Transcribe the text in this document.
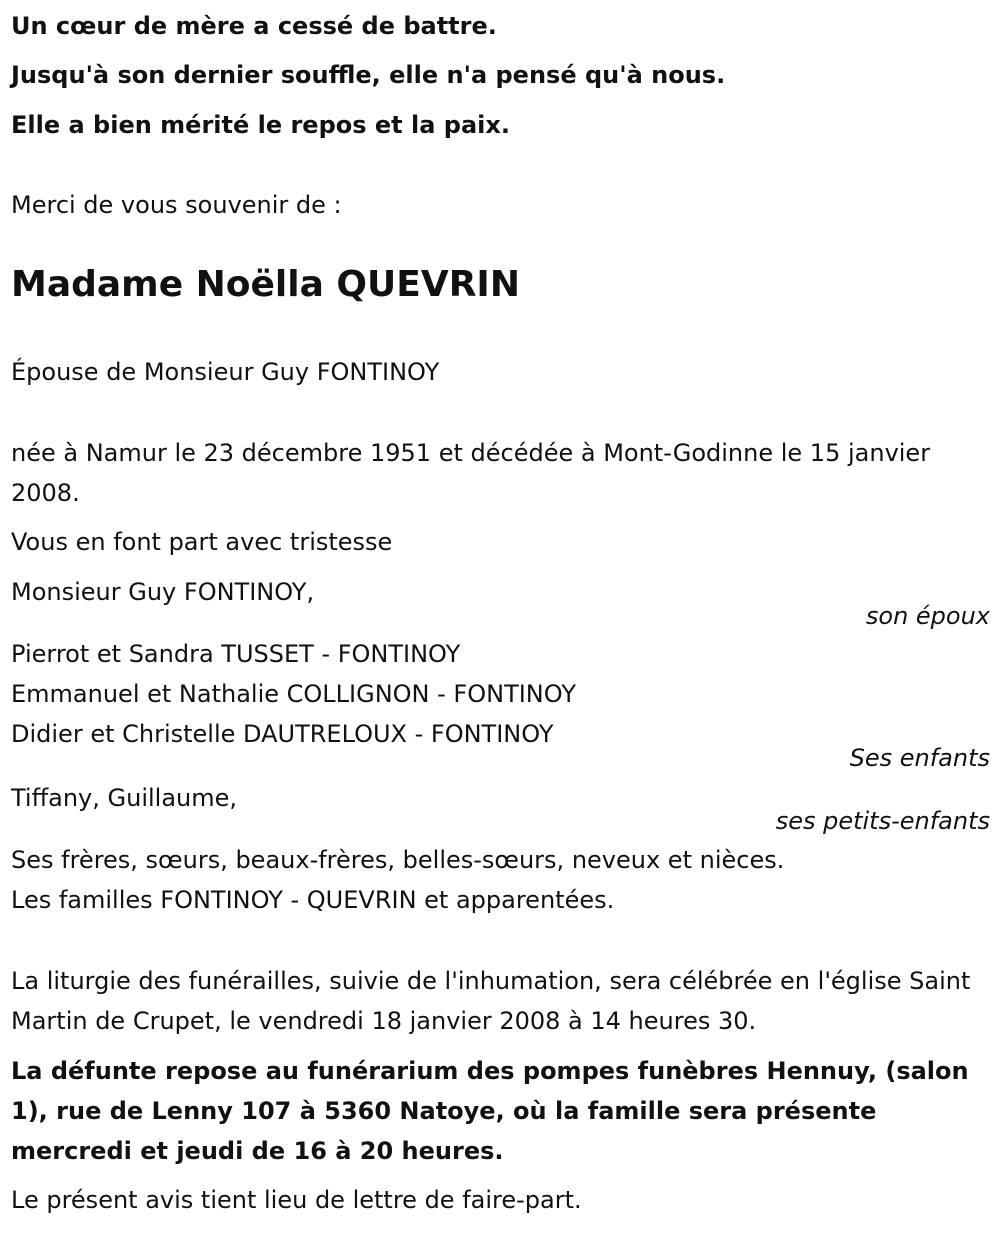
Un cœur de mère a cessé de battre.
Jusqu'à son dernier souffle, elle n'a pensé qu'à nous.
Elle a bien mérité le repos et la paix.
Merci de vous souvenir de :
Madame Noëlla QUEVRIN
Épouse de Monsieur Guy FONTINOY
née à Namur le 23 décembre 1951 et décédée à Mont-Godinne le 15 janvier 2008.
Vous en font part avec tristesse
Monsieur Guy FONTINOY,
son époux
Pierrot et Sandra TUSSET - FONTINOY
Emmanuel et Nathalie COLLIGNON - FONTINOY
Didier et Christelle DAUTRELOUX - FONTINOY
Ses enfants
Tiffany, Guillaume,
ses petits-enfants
Ses frères, sœurs, beaux-frères, belles-sœurs, neveux et nièces.
Les familles FONTINOY - QUEVRIN et apparentées.
La liturgie des funérailles, suivie de l'inhumation, sera célébrée en l'église Saint Martin de Crupet, le vendredi 18 janvier 2008 à 14 heures 30.
La défunte repose au funérarium des pompes funèbres Hennuy, (salon 1), rue de Lenny 107 à 5360 Natoye, où la famille sera présente mercredi et jeudi de 16 à 20 heures.
Le présent avis tient lieu de lettre de faire-part.
